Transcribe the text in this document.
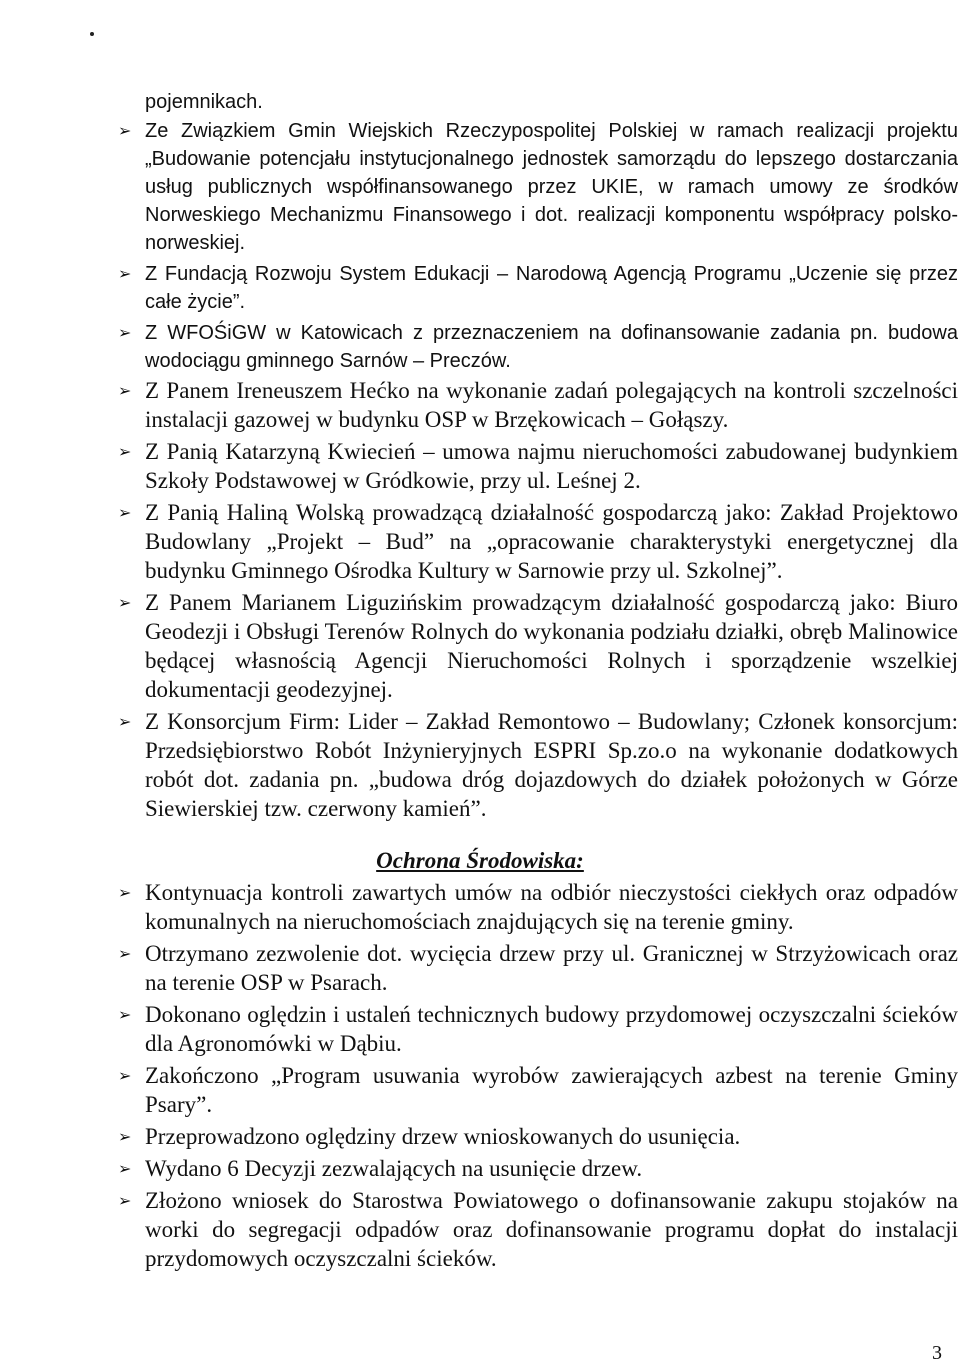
pojemnikach.
➢ Ze Związkiem Gmin Wiejskich Rzeczypospolitej Polskiej w ramach realizacji projektu „Budowanie potencjału instytucjonalnego jednostek samorządu do lepszego dostarczania usług publicznych współfinansowanego przez UKIE, w ramach umowy ze środków Norweskiego Mechanizmu Finansowego i dot. realizacji komponentu współpracy polsko-norweskiej.
➢ Z Fundacją Rozwoju System Edukacji – Narodową Agencją Programu „Uczenie się przez całe życie”.
➢ Z WFOŚiGW w Katowicach z przeznaczeniem na dofinansowanie zadania pn. budowa wodociągu gminnego Sarnów – Preczów.
➢ Z Panem Ireneuszem Hećko na wykonanie zadań polegających na kontroli szczelności instalacji gazowej w budynku OSP w Brzękowicach – Gołąszy.
➢ Z Panią Katarzyną Kwiecień – umowa najmu nieruchomości zabudowanej budynkiem Szkoły Podstawowej w Gródkowie, przy ul. Leśnej 2.
➢ Z Panią Haliną Wolską prowadzącą działalność gospodarczą jako: Zakład Projektowo Budowlany „Projekt – Bud” na „opracowanie charakterystyki energetycznej dla budynku Gminnego Ośrodka Kultury w Sarnowie przy ul. Szkolnej”.
➢ Z Panem Marianem Liguzińskim prowadzącym działalność gospodarczą jako: Biuro Geodezji i Obsługi Terenów Rolnych do wykonania podziału działki, obręb Malinowice będącej własnością Agencji Nieruchomości Rolnych i sporządzenie wszelkiej dokumentacji geodezyjnej.
➢ Z Konsorcjum Firm: Lider – Zakład Remontowo – Budowlany; Członek konsorcjum: Przedsiębiorstwo Robót Inżynieryjnych ESPRI Sp.zo.o na wykonanie dodatkowych robót dot. zadania pn. „budowa dróg dojazdowych do działek położonych w Górze Siewierskiej tzw. czerwony kamień”.
Ochrona Środowiska:
➢ Kontynuacja kontroli zawartych umów na odbiór nieczystości ciekłych oraz odpadów komunalnych na nieruchomościach znajdujących się na terenie gminy.
➢ Otrzymano zezwolenie dot. wycięcia drzew przy ul. Granicznej w Strzyżowicach oraz na terenie OSP w Psarach.
➢ Dokonano oględzin i ustaleń technicznych budowy przydomowej oczyszczalni ścieków dla Agronomówki w Dąbiu.
➢ Zakończono „Program usuwania wyrobów zawierających azbest na terenie Gminy Psary”.
➢ Przeprowadzono oględziny drzew wnioskowanych do usunięcia.
➢ Wydano 6 Decyzji zezwalających na usunięcie drzew.
➢ Złożono wniosek do Starostwa Powiatowego o dofinansowanie zakupu stojaków na worki do segregacji odpadów oraz dofinansowanie programu dopłat do instalacji przydomowych oczyszczalni ścieków.
3
